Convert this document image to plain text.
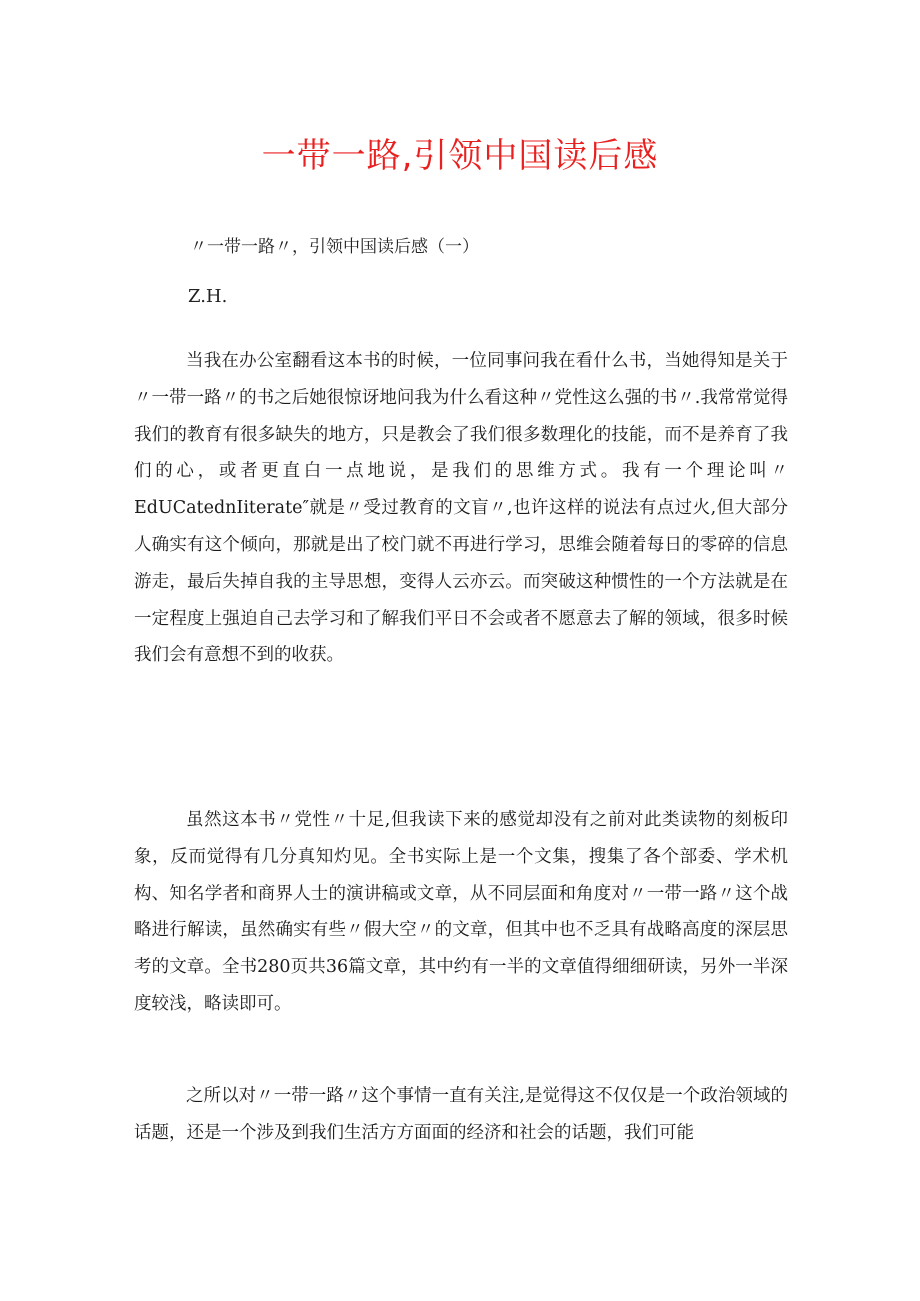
一带一路,引领中国读后感
〃一带一路〃，引领中国读后感（一）
Z.H.

当我在办公室翻看这本书的时候，一位同事问我在看什么书，当她得知是关于〃一带一路〃的书之后她很惊讶地问我为什么看这种〃党性这么强的书〃.我常常觉得我们的教育有很多缺失的地方，只是教会了我们很多数理化的技能，而不是养育了我们的心，或者更直白一点地说，是我们的思维方式。我有一个理论叫〃EdUCatednIiterate″就是〃受过教育的文盲〃,也许这样的说法有点过火,但大部分人确实有这个倾向，那就是出了校门就不再进行学习，思维会随着每日的零碎的信息游走，最后失掉自我的主导思想，变得人云亦云。而突破这种惯性的一个方法就是在一定程度上强迫自己去学习和了解我们平日不会或者不愿意去了解的领域，很多时候我们会有意想不到的收获。

虽然这本书〃党性〃十足,但我读下来的感觉却没有之前对此类读物的刻板印象，反而觉得有几分真知灼见。全书实际上是一个文集，搜集了各个部委、学术机构、知名学者和商界人士的演讲稿或文章，从不同层面和角度对〃一带一路〃这个战略进行解读，虽然确实有些〃假大空〃的文章，但其中也不乏具有战略高度的深层思考的文章。全书280页共36篇文章，其中约有一半的文章值得细细研读，另外一半深度较浅，略读即可。

之所以对〃一带一路〃这个事情一直有关注,是觉得这不仅仅是一个政治领域的话题，还是一个涉及到我们生活方方面面的经济和社会的话题，我们可能
